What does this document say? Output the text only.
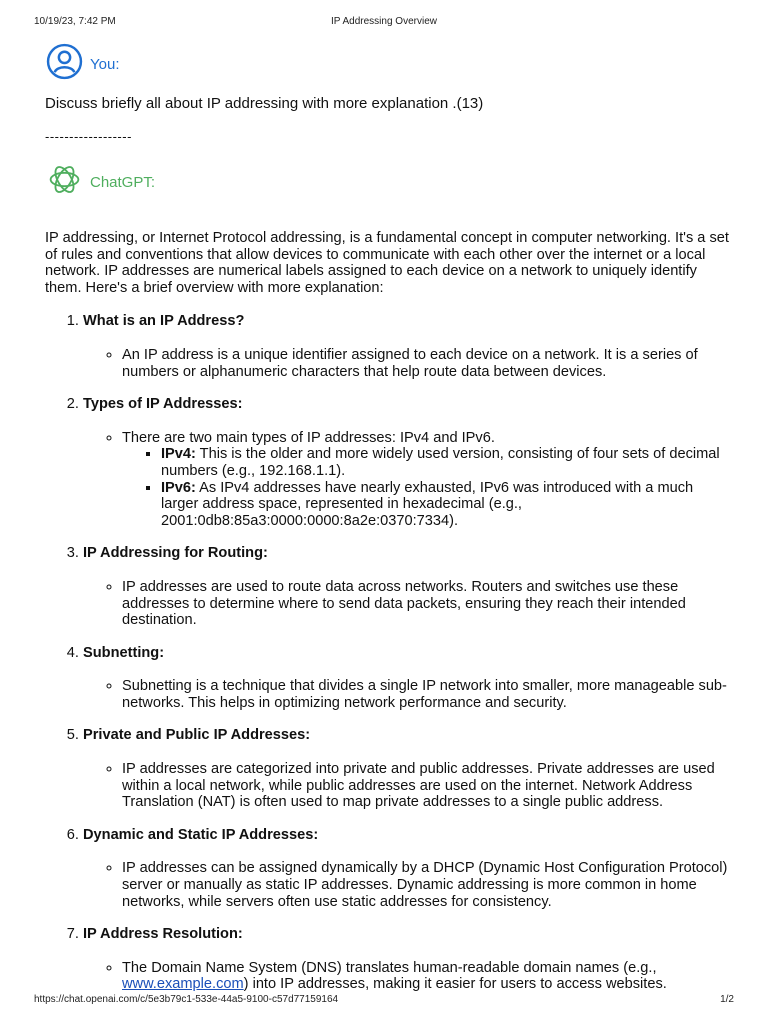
10/19/23, 7:42 PM	IP Addressing Overview
You:
Discuss briefly all about IP addressing with more explanation .(13)
------------------
ChatGPT:

IP addressing, or Internet Protocol addressing, is a fundamental concept in computer networking. It's a set of rules and conventions that allow devices to communicate with each other over the internet or a local network. IP addresses are numerical labels assigned to each device on a network to uniquely identify them. Here's a brief overview with more explanation:

1. What is an IP Address?
◦ An IP address is a unique identifier assigned to each device on a network. It is a series of numbers or alphanumeric characters that help route data between devices.
2. Types of IP Addresses:
◦ There are two main types of IP addresses: IPv4 and IPv6.
▪ IPv4: This is the older and more widely used version, consisting of four sets of decimal numbers (e.g., 192.168.1.1).
▪ IPv6: As IPv4 addresses have nearly exhausted, IPv6 was introduced with a much larger address space, represented in hexadecimal (e.g., 2001:0db8:85a3:0000:0000:8a2e:0370:7334).
3. IP Addressing for Routing:
◦ IP addresses are used to route data across networks. Routers and switches use these addresses to determine where to send data packets, ensuring they reach their intended destination.
4. Subnetting:
◦ Subnetting is a technique that divides a single IP network into smaller, more manageable sub-networks. This helps in optimizing network performance and security.
5. Private and Public IP Addresses:
◦ IP addresses are categorized into private and public addresses. Private addresses are used within a local network, while public addresses are used on the internet. Network Address Translation (NAT) is often used to map private addresses to a single public address.
6. Dynamic and Static IP Addresses:
◦ IP addresses can be assigned dynamically by a DHCP (Dynamic Host Configuration Protocol) server or manually as static IP addresses. Dynamic addressing is more common in home networks, while servers often use static addresses for consistency.
7. IP Address Resolution:
◦ The Domain Name System (DNS) translates human-readable domain names (e.g., www.example.com) into IP addresses, making it easier for users to access websites.
https://chat.openai.com/c/5e3b79c1-533e-44a5-9100-c57d77159164	1/2
